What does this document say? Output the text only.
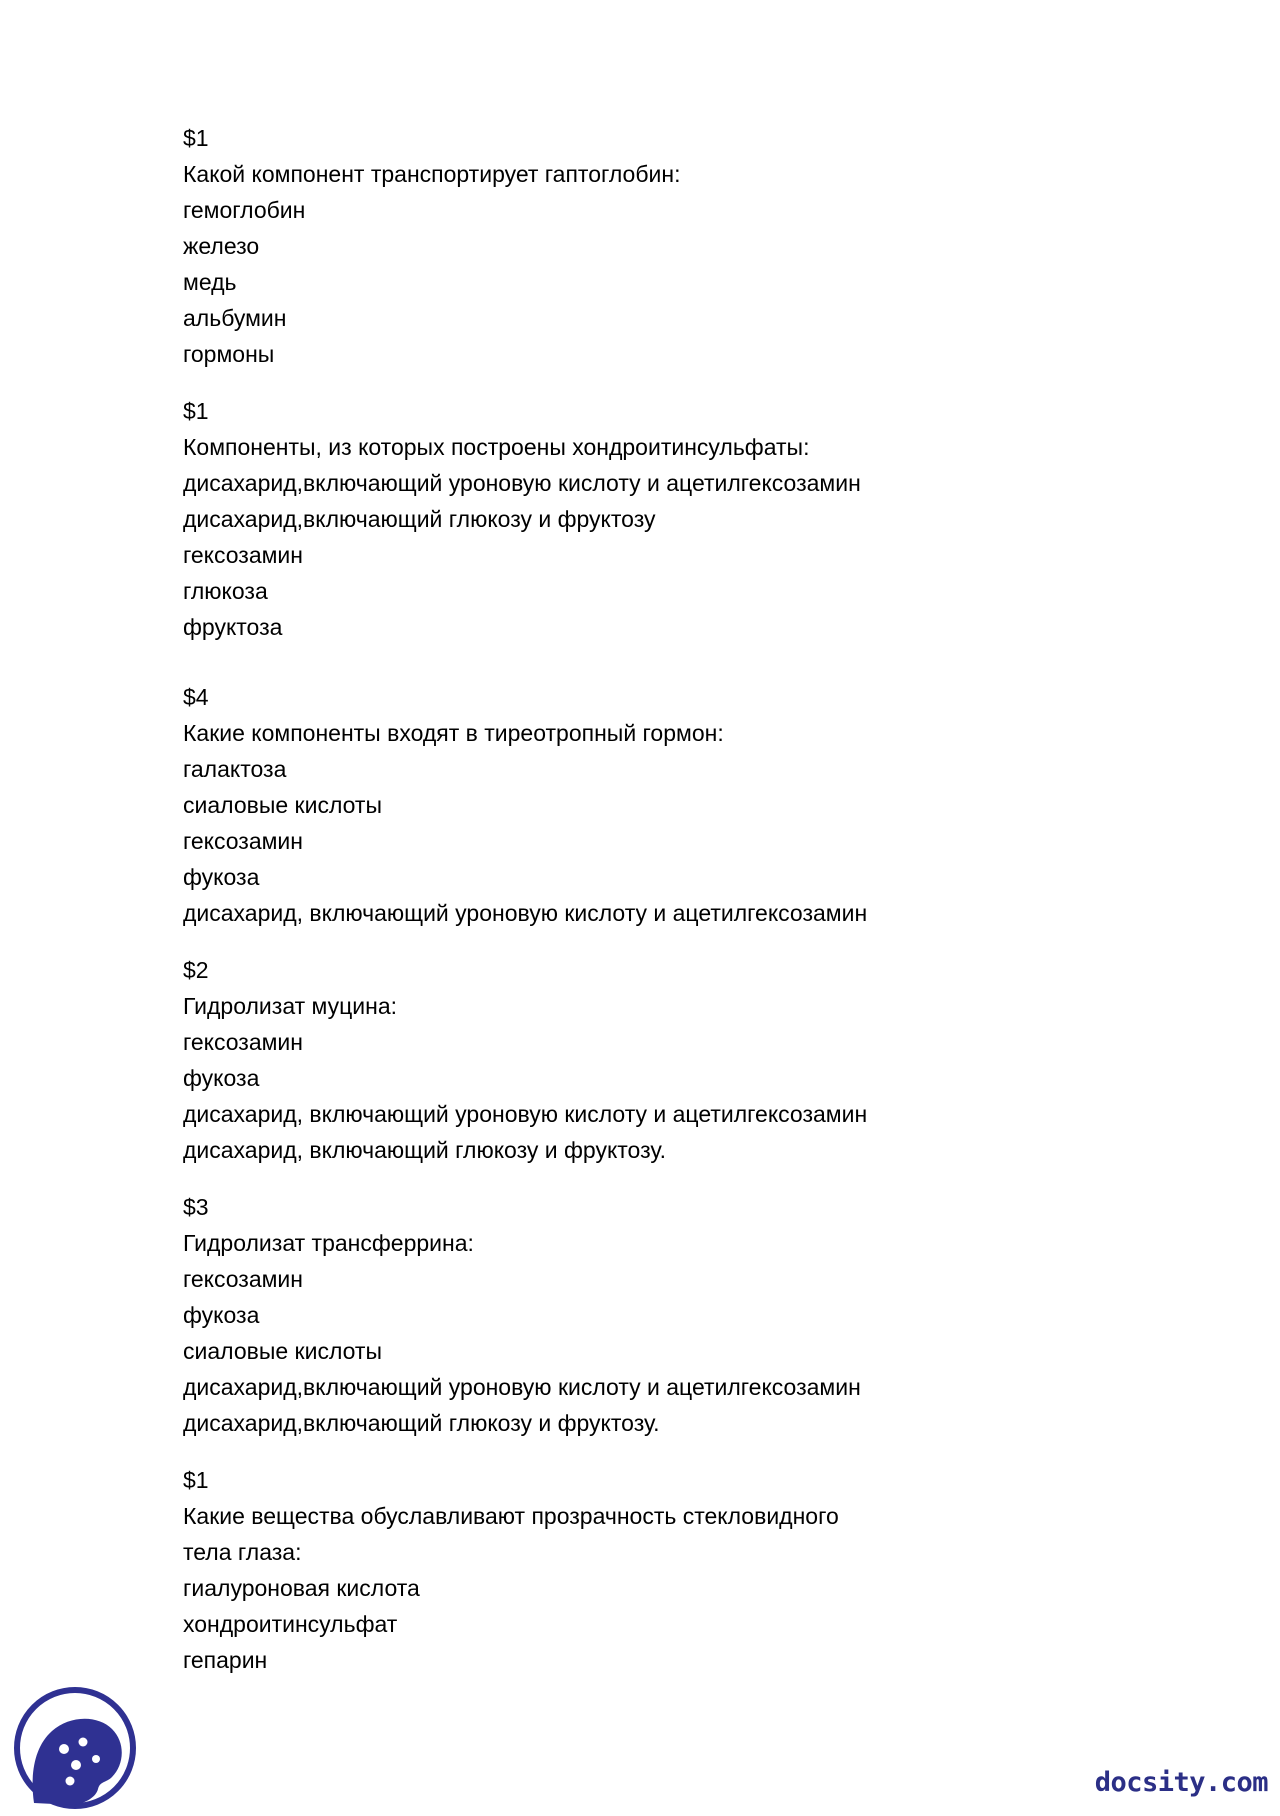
$1
Какой компонент транспортирует гаптоглобин:
гемоглобин
железо
медь
альбумин
гормоны
$1
Компоненты, из которых построены хондроитинсульфаты:
дисахарид,включающий уроновую кислоту и ацетилгексозамин
дисахарид,включающий глюкозу и фруктозу
гексозамин
глюкоза
фруктоза
$4
Какие компоненты входят в тиреотропный гормон:
галактоза
сиаловые кислоты
гексозамин
фукоза
дисахарид, включающий уроновую кислоту и ацетилгексозамин
$2
Гидролизат муцина:
гексозамин
фукоза
дисахарид, включающий уроновую кислоту и ацетилгексозамин
дисахарид, включающий глюкозу и фруктозу.
$3
Гидролизат трансферрина:
гексозамин
фукоза
сиаловые кислоты
дисахарид,включающий уроновую кислоту и ацетилгексозамин
дисахарид,включающий глюкозу и фруктозу.
$1
Какие вещества обуславливают прозрачность стекловидного
тела глаза:
гиалуроновая кислота
хондроитинсульфат
гепарин
docsity.com
